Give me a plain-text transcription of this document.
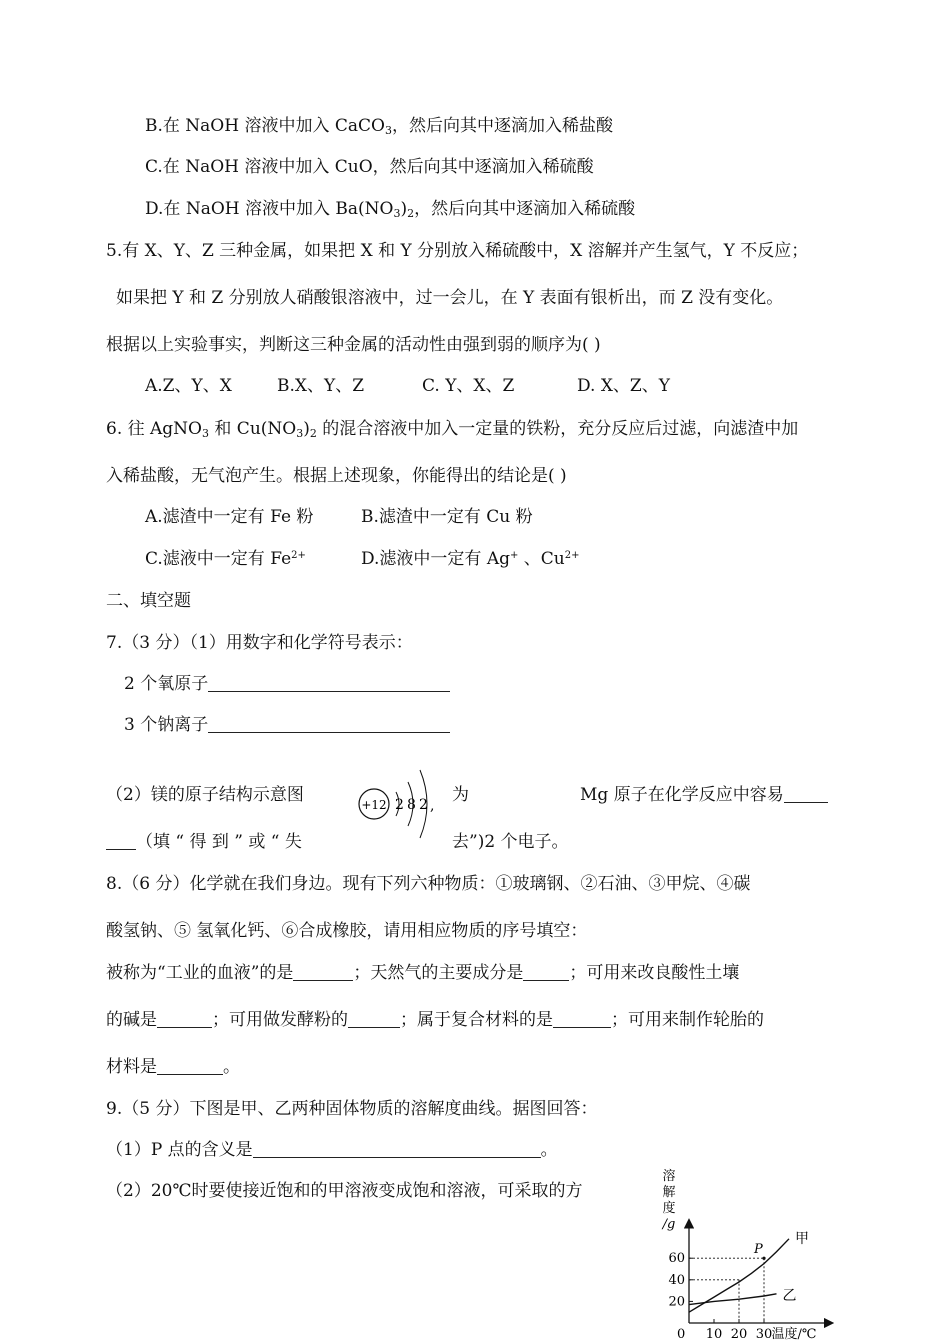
B.在 NaOH 溶液中加入 CaCO$_3$，然后向其中逐滴加入稀盐酸
C.在 NaOH 溶液中加入 CuO，然后向其中逐滴加入稀硫酸
D.在 NaOH 溶液中加入 $Ba(NO_3)_2$，然后向其中逐滴加入稀硫酸
5.有 X、Y、Z 三种金属，如果把 X 和 Y 分别放入稀硫酸中，X 溶解并产生氢气，Y 不反应；
如果把 Y 和 Z 分别放人硝酸银溶液中，过一会儿，在 Y 表面有银析出，而 Z 没有变化。
根据以上实验事实，判断这三种金属的活动性由强到弱的顺序为( )
A.Z、Y、X	B.X、Y、Z	C. Y、X、Z	D. X、Z、Y
6. 往 AgNO$_3$ 和 $Cu(NO_3)_2$ 的混合溶液中加入一定量的铁粉，充分反应后过滤，向滤渣中加
入稀盐酸，无气泡产生。根据上述现象，你能得出的结论是( )
A.滤渣中一定有 Fe 粉	B.滤渣中一定有 Cu 粉
C.滤液中一定有 $Fe^{2+}$	D.滤液中一定有 Ag+ 、$Cu^{2+}$
二、填空题
7.（3 分）（1）用数字和化学符号表示：
2 个氧原子
3 个钠离子
（2）镁的原子结构示意图	+12 2 8 2 ,
为	Mg 原子在化学反应中容易
（填 “ 得 到 ” 或 “ 失	去”)2 个电子。
8.（6 分）化学就在我们身边。现有下列六种物质：①玻璃钢、②石油、③甲烷、④碳
酸氢钠、⑤ 氢氧化钙、⑥合成橡胶，请用相应物质的序号填空：
被称为“工业的血液”的是	；天然气的主要成分是	；可用来改良酸性土壤
的碱是	；可用做发酵粉的	；属于复合材料的是	；可用来制作轮胎的
材料是	。
9.（5 分）下图是甲、乙两种固体物质的溶解度曲线。据图回答：
（1）P 点的含义是	。
（2）20℃时要使接近饱和的甲溶液变成饱和溶液，可采取的方
溶
解
度
/g
20
40
60
10 20 30
甲
乙
P
0	温度/℃
